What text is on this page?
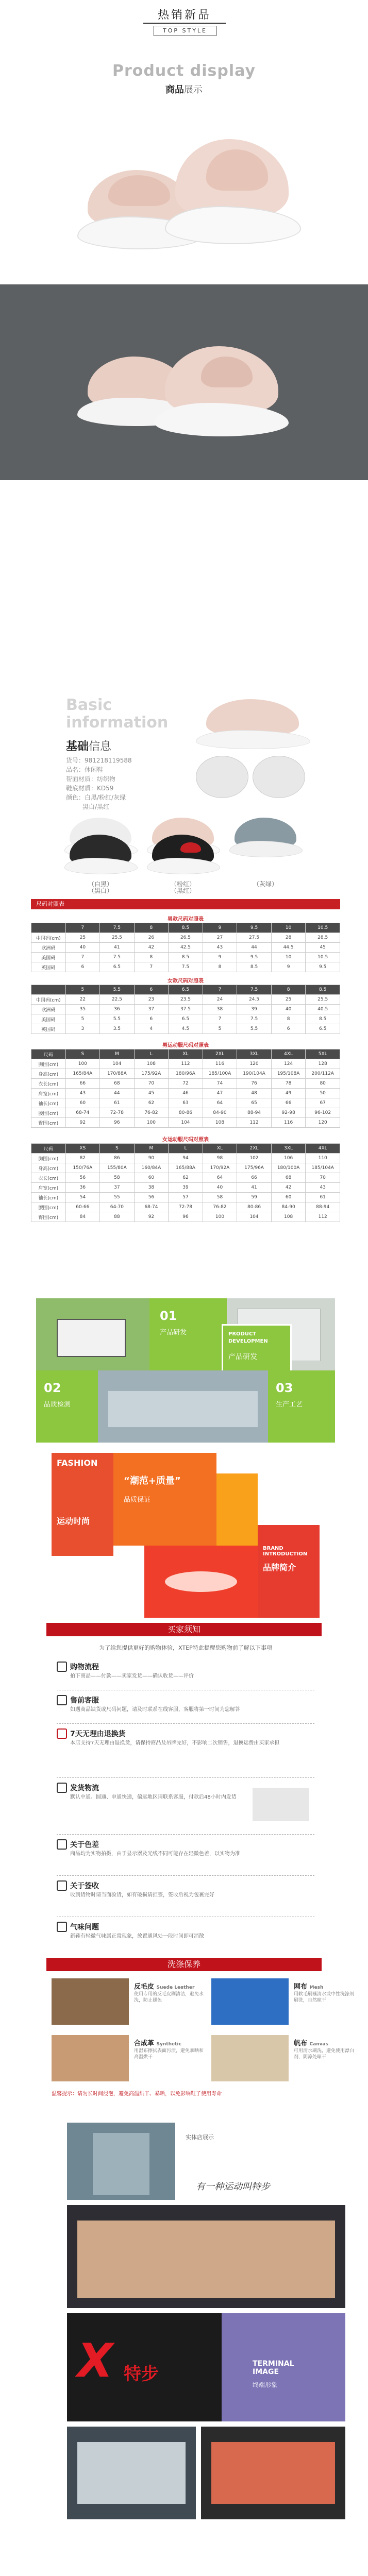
热销新品
TOP STYLE
Product display
商品展示
Basic
information
基础信息
货号：981218119588
品名：休闲鞋
帮面材质：纺织物
鞋底材质：KD59
颜色：白黑/粉红/灰绿
黑白/黑红
（白黑）	（粉红）	（灰绿）
（黑白）	（黑红）
尺码对照表
男款尺码对照表
	7	7.5	8	8.5	9	9.5	10	10.5
中国码(cm)	25	25.5	26	26.5	27	27.5	28	28.5
欧洲码	40	41	42	42.5	43	44	44.5	45
美国码	7	7.5	8	8.5	9	9.5	10	10.5
英国码	6	6.5	7	7.5	8	8.5	9	9.5
女款尺码对照表
	5	5.5	6	6.5	7	7.5	8	8.5
中国码(cm)	22	22.5	23	23.5	24	24.5	25	25.5
欧洲码	35	36	37	37.5	38	39	40	40.5
美国码	5	5.5	6	6.5	7	7.5	8	8.5
英国码	3	3.5	4	4.5	5	5.5	6	6.5
男运动服尺码对照表
尺码	S	M	L	XL	2XL	3XL	4XL	5XL
胸围(cm)	100	104	108	112	116	120	124	128
身高(cm)	165/84A	170/88A	175/92A	180/96A	185/100A	190/104A	195/108A	200/112A
衣长(cm)	66	68	70	72	74	76	78	80
肩宽(cm)	43	44	45	46	47	48	49	50
袖长(cm)	60	61	62	63	64	65	66	67
腰围(cm)	68-74	72-78	76-82	80-86	84-90	88-94	92-98	96-102
臀围(cm)	92	96	100	104	108	112	116	120
女运动服尺码对照表
尺码	XS	S	M	L	XL	2XL	3XL	4XL
胸围(cm)	82	86	90	94	98	102	106	110
身高(cm)	150/76A	155/80A	160/84A	165/88A	170/92A	175/96A	180/100A	185/104A
衣长(cm)	56	58	60	62	64	66	68	70
肩宽(cm)	36	37	38	39	40	41	42	43
袖长(cm)	54	55	56	57	58	59	60	61
腰围(cm)	60-66	64-70	68-74	72-78	76-82	80-86	84-90	88-94
臀围(cm)	84	88	92	96	100	104	108	112
01
产品研发	PRODUCT
DEVELOPMEN
产品研发
02
品质检测
03
生产工艺
FASHION
运动时尚
“潮范+质量”
品质保证
BRAND INTRODUCTION
品牌简介
买家须知
为了给您提供更好的购物体验，XTEP特此提醒您购物前了解以下事项
购物流程
拍下商品——付款——卖家发货——确认收货——评价
售前客服
如遇商品缺货或尺码问题，请及时联系在线客服，客服将第一时间为您解答
7天无理由退换货
本店支持7天无理由退换货，请保持商品及吊牌完好，不影响二次销售，退换运费由买家承担
发货物流
默认中通、圆通、申通快递，偏远地区请联系客服，付款后48小时内发货
关于色差
商品均为实物拍摄，由于显示器及光线不同可能存在轻微色差，以实物为准
关于签收
收到货物时请当面验货，如有破损请拒签，签收后视为包裹完好
气味问题
新鞋有轻微气味属正常现象，放置通风处一段时间即可消散
洗涤保养
反毛皮 Suede Leather
使用专用的反毛皮刷清洁，避免水洗，防止褪色
网布 Mesh
用软毛刷蘸清水或中性洗涤剂刷洗，自然晾干
合成革 Synthetic
用湿布擦拭表面污渍，避免暴晒和高温烘干
帆布 Canvas
可用清水刷洗，避免使用漂白剂，阴凉处晾干
温馨提示：请勿长时间浸泡，避免高温烘干、暴晒，以免影响鞋子使用寿命
实体店展示
有一种运动叫特步
X 特步	TERMINAL
IMAGE
终端形象
